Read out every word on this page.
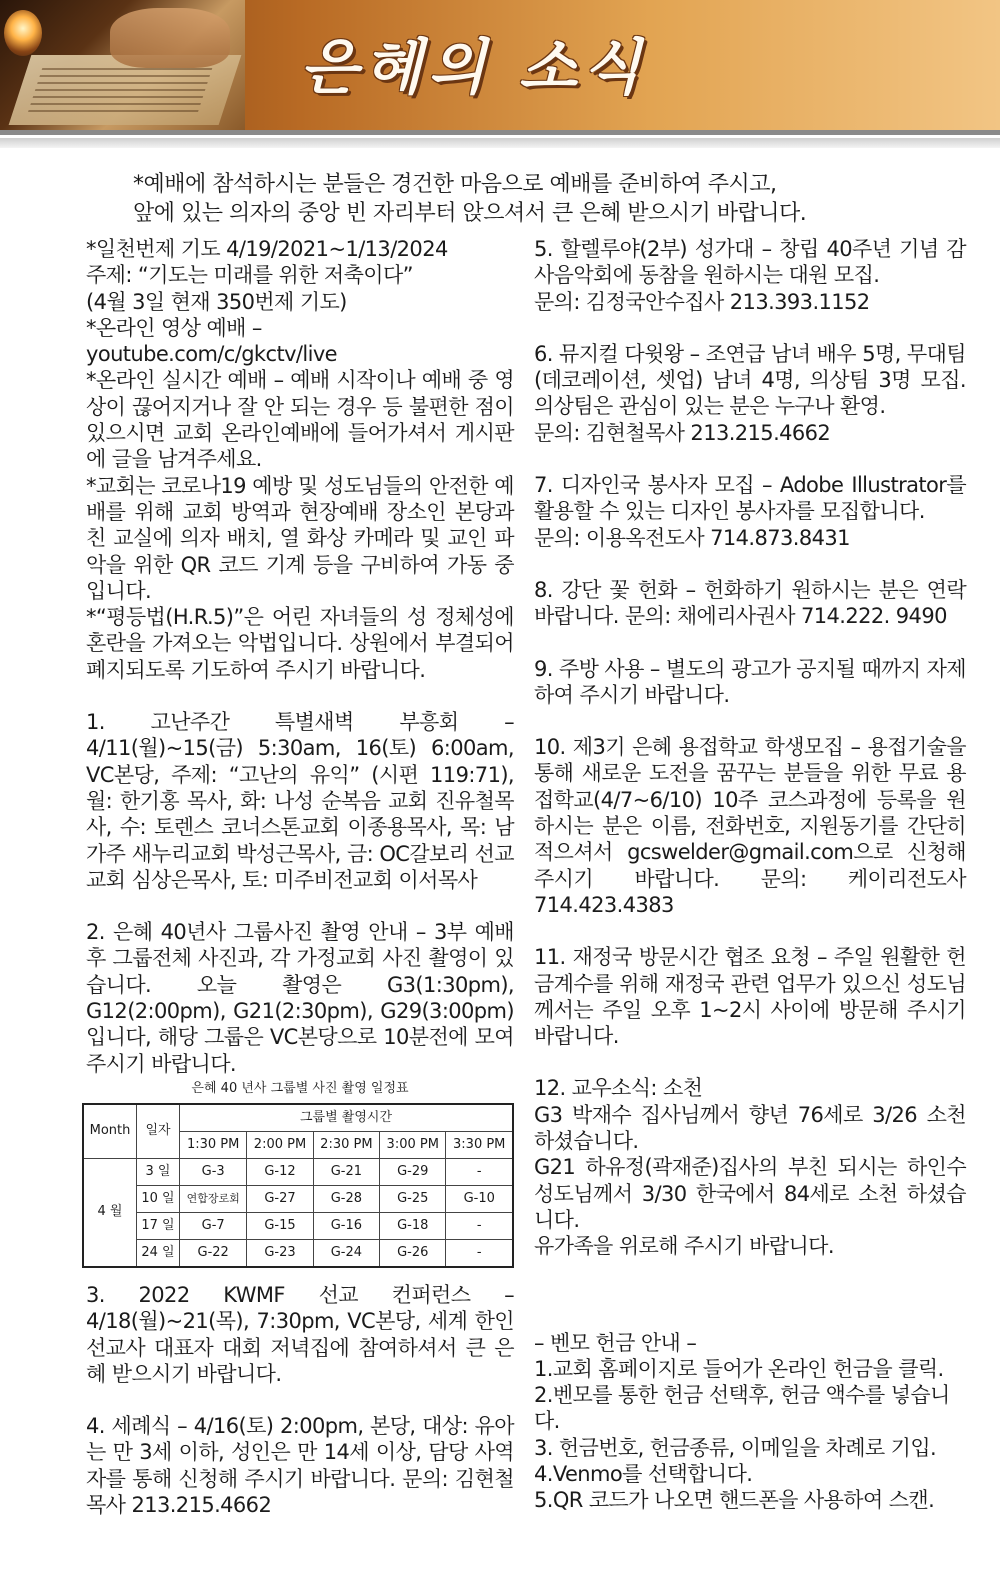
은혜의 소식
*예배에 참석하시는 분들은 경건한 마음으로 예배를 준비하여 주시고,
앞에 있는 의자의 중앙 빈 자리부터 앉으셔서 큰 은혜 받으시기 바랍니다.

*일천번제 기도 4/19/2021~1/13/2024

주제: “기도는 미래를 위한 저축이다”

(4월 3일 현재 350번제 기도)

*온라인 영상 예배 – youtube.com/c/gkctv/live

*온라인 실시간 예배 – 예배 시작이나 예배 중 영상이 끊어지거나 잘 안 되는 경우 등 불편한 점이 있으시면 교회 온라인예배에 들어가셔서 게시판에 글을 남겨주세요.

*교회는 코로나19 예방 및 성도님들의 안전한 예배를 위해 교회 방역과 현장예배 장소인 본당과 친 교실에 의자 배치, 열 화상 카메라 및 교인 파악을 위한 QR 코드 기계 등을 구비하여 가동 중 입니다.

*“평등법(H.R.5)”은 어린 자녀들의 성 정체성에 혼란을 가져오는 악법입니다. 상원에서 부결되어 폐지되도록 기도하여 주시기 바랍니다.

1. 고난주간 특별새벽 부흥회 – 4/11(월)~15(금) 5:30am, 16(토) 6:00am, VC본당, 주제: “고난의 유익” (시편 119:71), 월: 한기홍 목사, 화: 나성 순복음 교회 진유철목사, 수: 토렌스 코너스톤교회 이종용목사, 목: 남가주 새누리교회 박성근목사, 금: OC갈보리 선교교회 심상은목사, 토: 미주비전교회 이서목사

2. 은혜 40년사 그룹사진 촬영 안내 – 3부 예배 후 그룹전체 사진과, 각 가정교회 사진 촬영이 있습니다. 오늘 촬영은 G3(1:30pm), G12(2:00pm), G21(2:30pm), G29(3:00pm)입니다, 해당 그룹은 VC본당으로 10분전에 모여 주시기 바랍니다.

은혜 40 년사 그룹별 사진 촬영 일정표
Month	일자	그룹별 촬영시간				
		1:30 PM	2:00 PM	2:30 PM	3:00 PM	3:30 PM
4 월	3 일	G-3	G-12	G-21	G-29	-
	10 일	연합장로회	G-27	G-28	G-25	G-10
	17 일	G-7	G-15	G-16	G-18	-
	24 일	G-22	G-23	G-24	G-26	-

3. 2022 KWMF 선교 컨퍼런스 – 4/18(월)~21(목), 7:30pm, VC본당, 세계 한인 선교사 대표자 대회 저녁집에 참여하셔서 큰 은혜 받으시기 바랍니다.

4. 세례식 – 4/16(토) 2:00pm, 본당, 대상: 유아는 만 3세 이하, 성인은 만 14세 이상, 담당 사역자를 통해 신청해 주시기 바랍니다. 문의: 김현철목사 213.215.4662

5. 할렐루야(2부) 성가대 – 창립 40주년 기념 감사음악회에 동참을 원하시는 대원 모집.

문의: 김정국안수집사 213.393.1152

6. 뮤지컬 다윗왕 – 조연급 남녀 배우 5명, 무대팀(데코레이션, 셋업) 남녀 4명, 의상팀 3명 모집. 의상팀은 관심이 있는 분은 누구나 환영.

문의: 김현철목사 213.215.4662

7. 디자인국 봉사자 모집 – Adobe Illustrator를 활용할 수 있는 디자인 봉사자를 모집합니다.

문의: 이용옥전도사 714.873.8431

8. 강단 꽃 헌화 – 헌화하기 원하시는 분은 연락 바랍니다. 문의: 채에리사권사 714.222. 9490

9. 주방 사용 – 별도의 광고가 공지될 때까지 자제하여 주시기 바랍니다.

10. 제3기 은혜 용접학교 학생모집 – 용접기술을 통해 새로운 도전을 꿈꾸는 분들을 위한 무료 용접학교(4/7~6/10) 10주 코스과정에 등록을 원하시는 분은 이름, 전화번호, 지원동기를 간단히 적으셔서 gcswelder@gmail.com으로 신청해주시기 바랍니다. 문의: 케이리전도사 714.423.4383

11. 재정국 방문시간 협조 요청 – 주일 원활한 헌금계수를 위해 재정국 관련 업무가 있으신 성도님께서는 주일 오후 1~2시 사이에 방문해 주시기 바랍니다.

12. 교우소식: 소천

G3 박재수 집사님께서 향년 76세로 3/26 소천 하셨습니다.

G21 하유정(곽재준)집사의 부친 되시는 하인수 성도님께서 3/30 한국에서 84세로 소천 하셨습니다.

유가족을 위로해 주시기 바랍니다.

– 벤모 헌금 안내 –

1.교회 홈페이지로 들어가 온라인 헌금을 클릭.

2.벤모를 통한 헌금 선택후, 헌금 액수를 넣습니다.

3. 헌금번호, 헌금종류, 이메일을 차례로 기입.

4.Venmo를 선택합니다.

5.QR 코드가 나오면 핸드폰을 사용하여 스캔.
